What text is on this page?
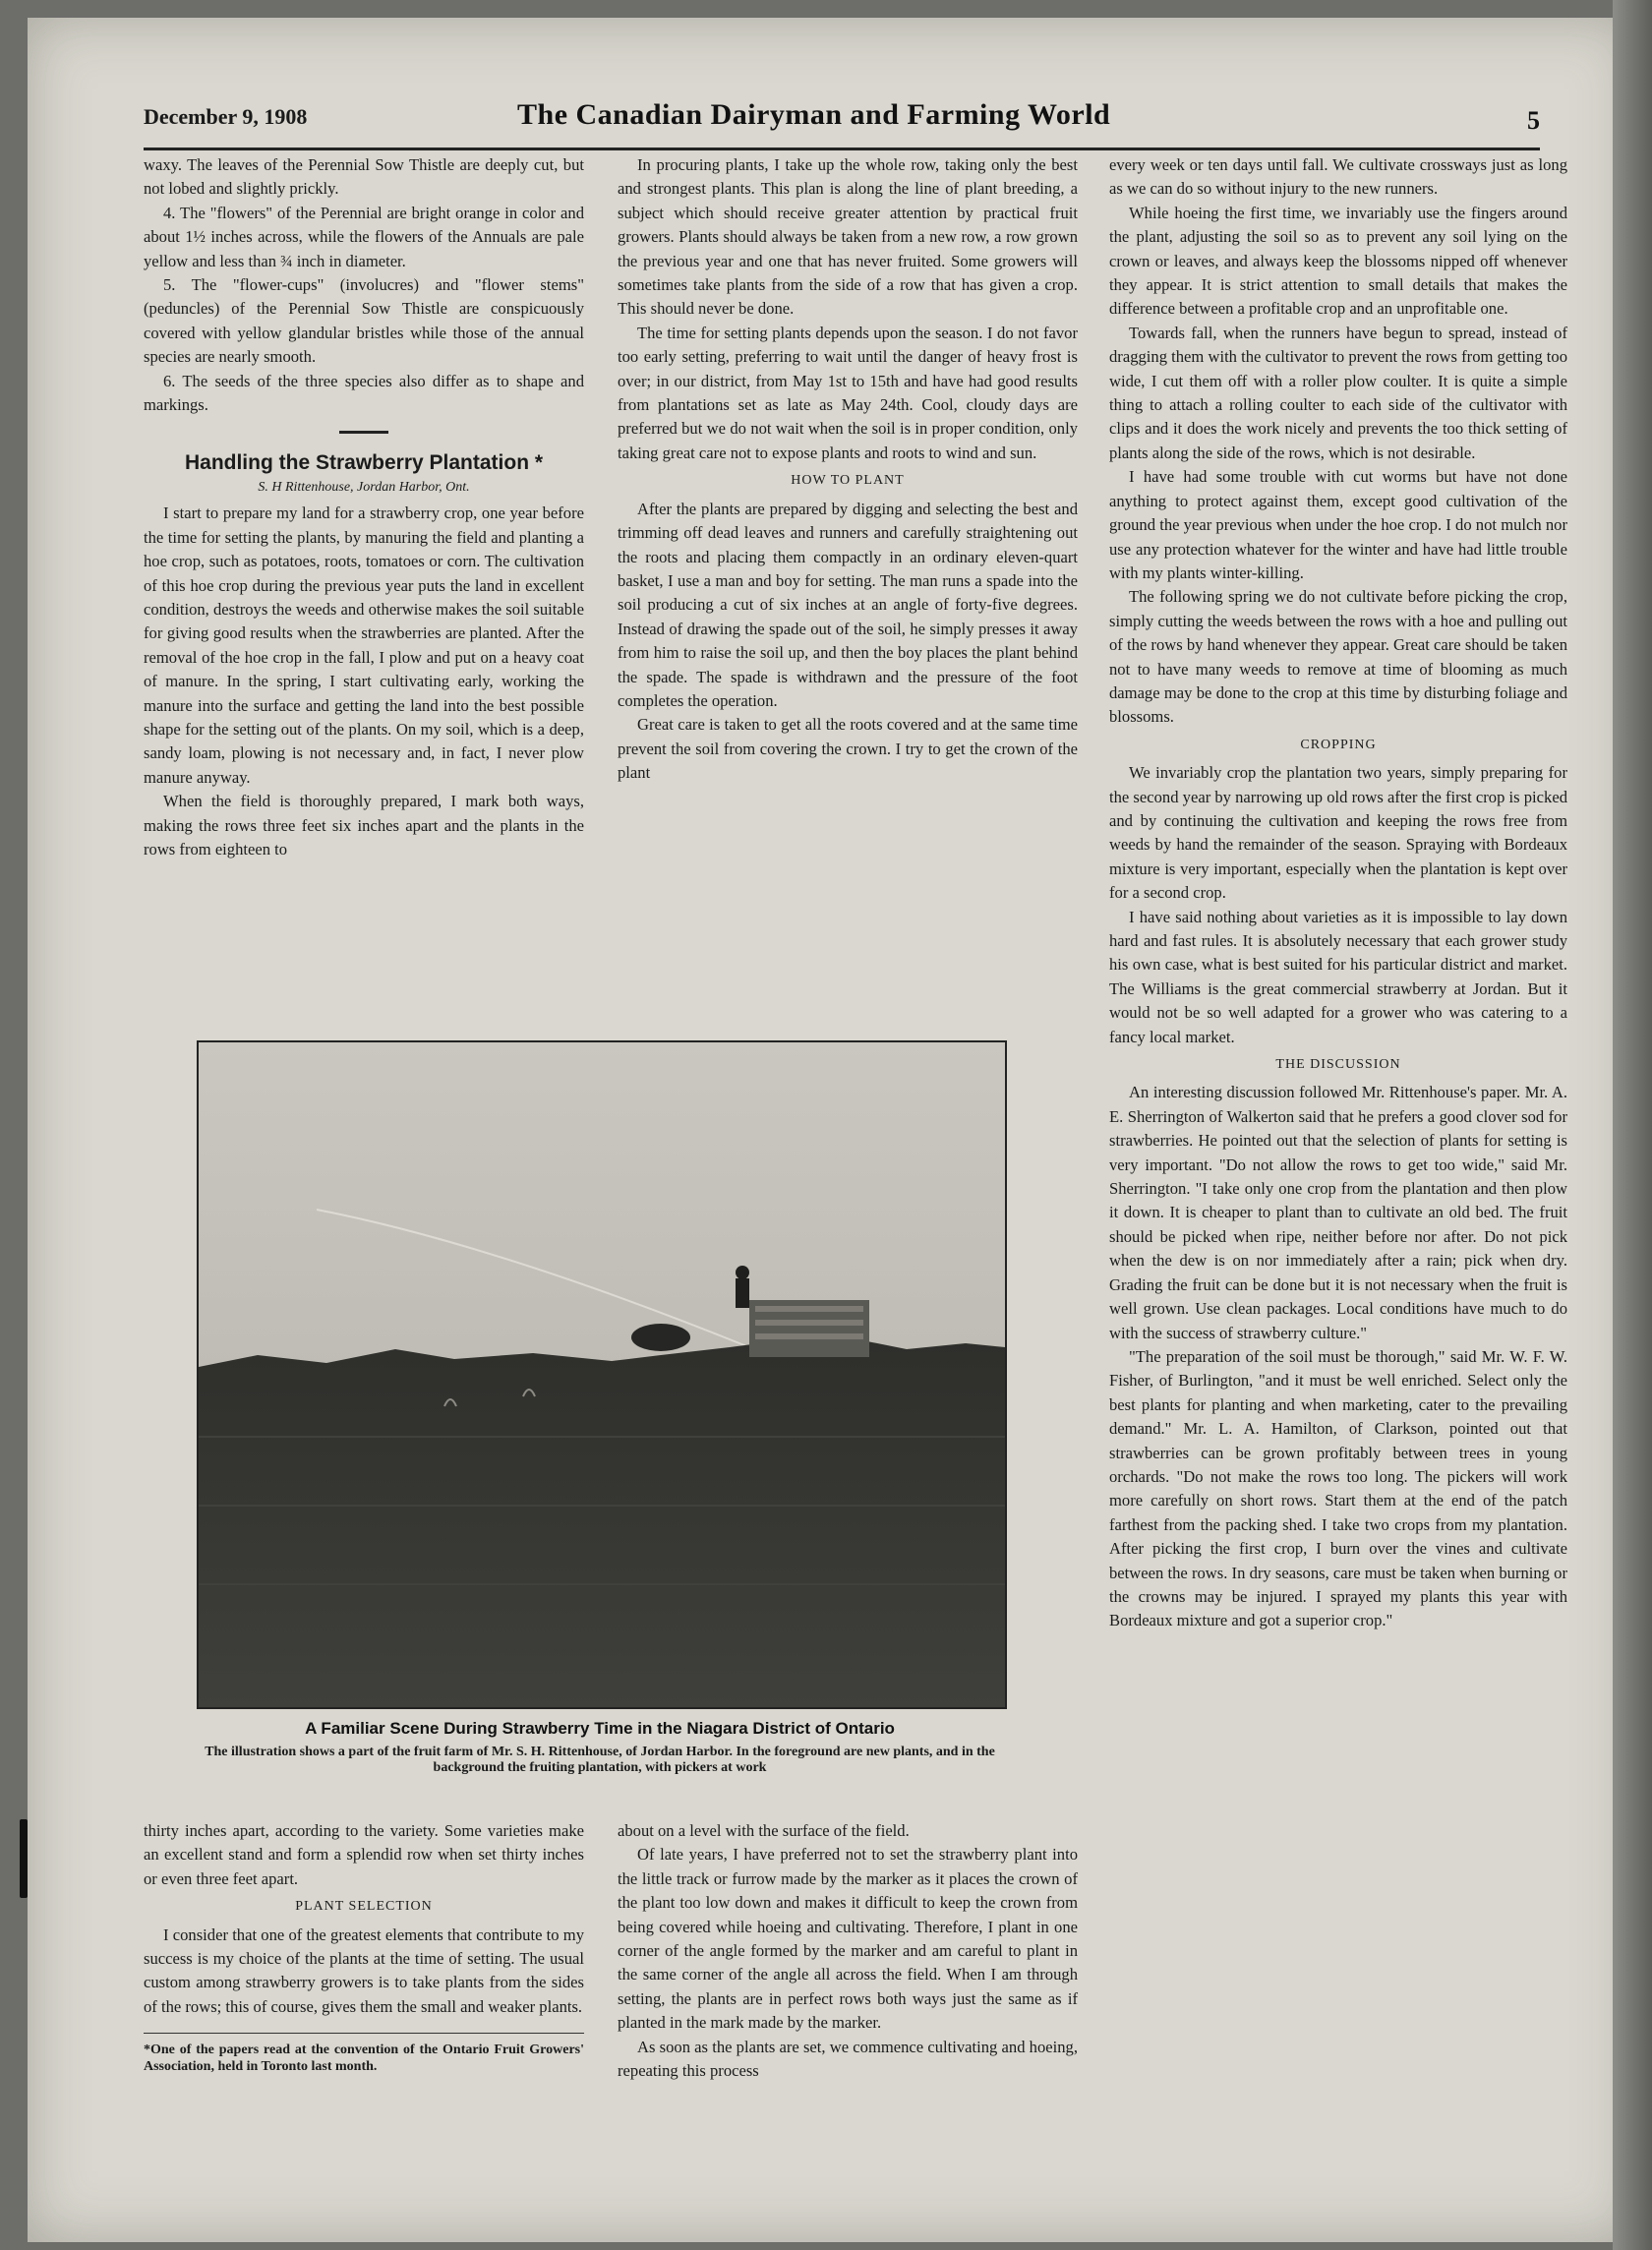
December 9, 1908	The Canadian Dairyman and Farming World	5

waxy. The leaves of the Perennial Sow Thistle are deeply cut, but not lobed and slightly prickly.

4. The "flowers" of the Perennial are bright orange in color and about 1½ inches across, while the flowers of the Annuals are pale yellow and less than ¾ inch in diameter.

5. The "flower-cups" (involucres) and "flower stems" (peduncles) of the Perennial Sow Thistle are conspicuously covered with yellow glandular bristles while those of the annual species are nearly smooth.

6. The seeds of the three species also differ as to shape and markings.

Handling the Strawberry Plantation *
S. H Rittenhouse, Jordan Harbor, Ont.

I start to prepare my land for a strawberry crop, one year before the time for setting the plants, by manuring the field and planting a hoe crop, such as potatoes, roots, tomatoes or corn. The cultivation of this hoe crop during the previous year puts the land in excellent condition, destroys the weeds and otherwise makes the soil suitable for giving good results when the strawberries are planted. After the removal of the hoe crop in the fall, I plow and put on a heavy coat of manure. In the spring, I start cultivating early, working the manure into the surface and getting the land into the best possible shape for the setting out of the plants. On my soil, which is a deep, sandy loam, plowing is not necessary and, in fact, I never plow manure anyway.

When the field is thoroughly prepared, I mark both ways, making the rows three feet six inches apart and the plants in the rows from eighteen to

In procuring plants, I take up the whole row, taking only the best and strongest plants. This plan is along the line of plant breeding, a subject which should receive greater attention by practical fruit growers. Plants should always be taken from a new row, a row grown the previous year and one that has never fruited. Some growers will sometimes take plants from the side of a row that has given a crop. This should never be done.

The time for setting plants depends upon the season. I do not favor too early setting, preferring to wait until the danger of heavy frost is over; in our district, from May 1st to 15th and have had good results from plantations set as late as May 24th. Cool, cloudy days are preferred but we do not wait when the soil is in proper condition, only taking great care not to expose plants and roots to wind and sun.

HOW TO PLANT

After the plants are prepared by digging and selecting the best and trimming off dead leaves and runners and carefully straightening out the roots and placing them compactly in an ordinary eleven-quart basket, I use a man and boy for setting. The man runs a spade into the soil producing a cut of six inches at an angle of forty-five degrees. Instead of drawing the spade out of the soil, he simply presses it away from him to raise the soil up, and then the boy places the plant behind the spade. The spade is withdrawn and the pressure of the foot completes the operation.

Great care is taken to get all the roots covered and at the same time prevent the soil from covering the crown. I try to get the crown of the plant

every week or ten days until fall. We cultivate crossways just as long as we can do so without injury to the new runners.

While hoeing the first time, we invariably use the fingers around the plant, adjusting the soil so as to prevent any soil lying on the crown or leaves, and always keep the blossoms nipped off whenever they appear. It is strict attention to small details that makes the difference between a profitable crop and an unprofitable one.

Towards fall, when the runners have begun to spread, instead of dragging them with the cultivator to prevent the rows from getting too wide, I cut them off with a roller plow coulter. It is quite a simple thing to attach a rolling coulter to each side of the cultivator with clips and it does the work nicely and prevents the too thick setting of plants along the side of the rows, which is not desirable.

I have had some trouble with cut worms but have not done anything to protect against them, except good cultivation of the ground the year previous when under the hoe crop. I do not mulch nor use any protection whatever for the winter and have had little trouble with my plants winter-killing.

The following spring we do not cultivate before picking the crop, simply cutting the weeds between the rows with a hoe and pulling out of the rows by hand whenever they appear. Great care should be taken not to have many weeds to remove at time of blooming as much damage may be done to the crop at this time by disturbing foliage and blossoms.

CROPPING

We invariably crop the plantation two years, simply preparing for the second year by narrowing up old rows after the first crop is picked and by continuing the cultivation and keeping the rows free from weeds by hand the remainder of the season. Spraying with Bordeaux mixture is very important, especially when the plantation is kept over for a second crop.

I have said nothing about varieties as it is impossible to lay down hard and fast rules. It is absolutely necessary that each grower study his own case, what is best suited for his particular district and market. The Williams is the great commercial strawberry at Jordan. But it would not be so well adapted for a grower who was catering to a fancy local market.

THE DISCUSSION

An interesting discussion followed Mr. Rittenhouse's paper. Mr. A. E. Sherrington of Walkerton said that he prefers a good clover sod for strawberries. He pointed out that the selection of plants for setting is very important. "Do not allow the rows to get too wide," said Mr. Sherrington. "I take only one crop from the plantation and then plow it down. It is cheaper to plant than to cultivate an old bed. The fruit should be picked when ripe, neither before nor after. Do not pick when the dew is on nor immediately after a rain; pick when dry. Grading the fruit can be done but it is not necessary when the fruit is well grown. Use clean packages. Local conditions have much to do with the success of strawberry culture."

"The preparation of the soil must be thorough," said Mr. W. F. W. Fisher, of Burlington, "and it must be well enriched. Select only the best plants for planting and when marketing, cater to the prevailing demand." Mr. L. A. Hamilton, of Clarkson, pointed out that strawberries can be grown profitably between trees in young orchards. "Do not make the rows too long. The pickers will work more carefully on short rows. Start them at the end of the patch farthest from the packing shed. I take two crops from my plantation. After picking the first crop, I burn over the vines and cultivate between the rows. In dry seasons, care must be taken when burning or the crowns may be injured. I sprayed my plants this year with Bordeaux mixture and got a superior crop."

A Familiar Scene During Strawberry Time in the Niagara District of Ontario
The illustration shows a part of the fruit farm of Mr. S. H. Rittenhouse, of Jordan Harbor. In the foreground are new plants, and in the background the fruiting plantation, with pickers at work

thirty inches apart, according to the variety. Some varieties make an excellent stand and form a splendid row when set thirty inches or even three feet apart.

PLANT SELECTION

I consider that one of the greatest elements that contribute to my success is my choice of the plants at the time of setting. The usual custom among strawberry growers is to take plants from the sides of the rows; this of course, gives them the small and weaker plants.

*One of the papers read at the convention of the Ontario Fruit Growers' Association, held in Toronto last month.

about on a level with the surface of the field.

Of late years, I have preferred not to set the strawberry plant into the little track or furrow made by the marker as it places the crown of the plant too low down and makes it difficult to keep the crown from being covered while hoeing and cultivating. Therefore, I plant in one corner of the angle formed by the marker and am careful to plant in the same corner of the angle all across the field. When I am through setting, the plants are in perfect rows both ways just the same as if planted in the mark made by the marker.

As soon as the plants are set, we commence cultivating and hoeing, repeating this process
